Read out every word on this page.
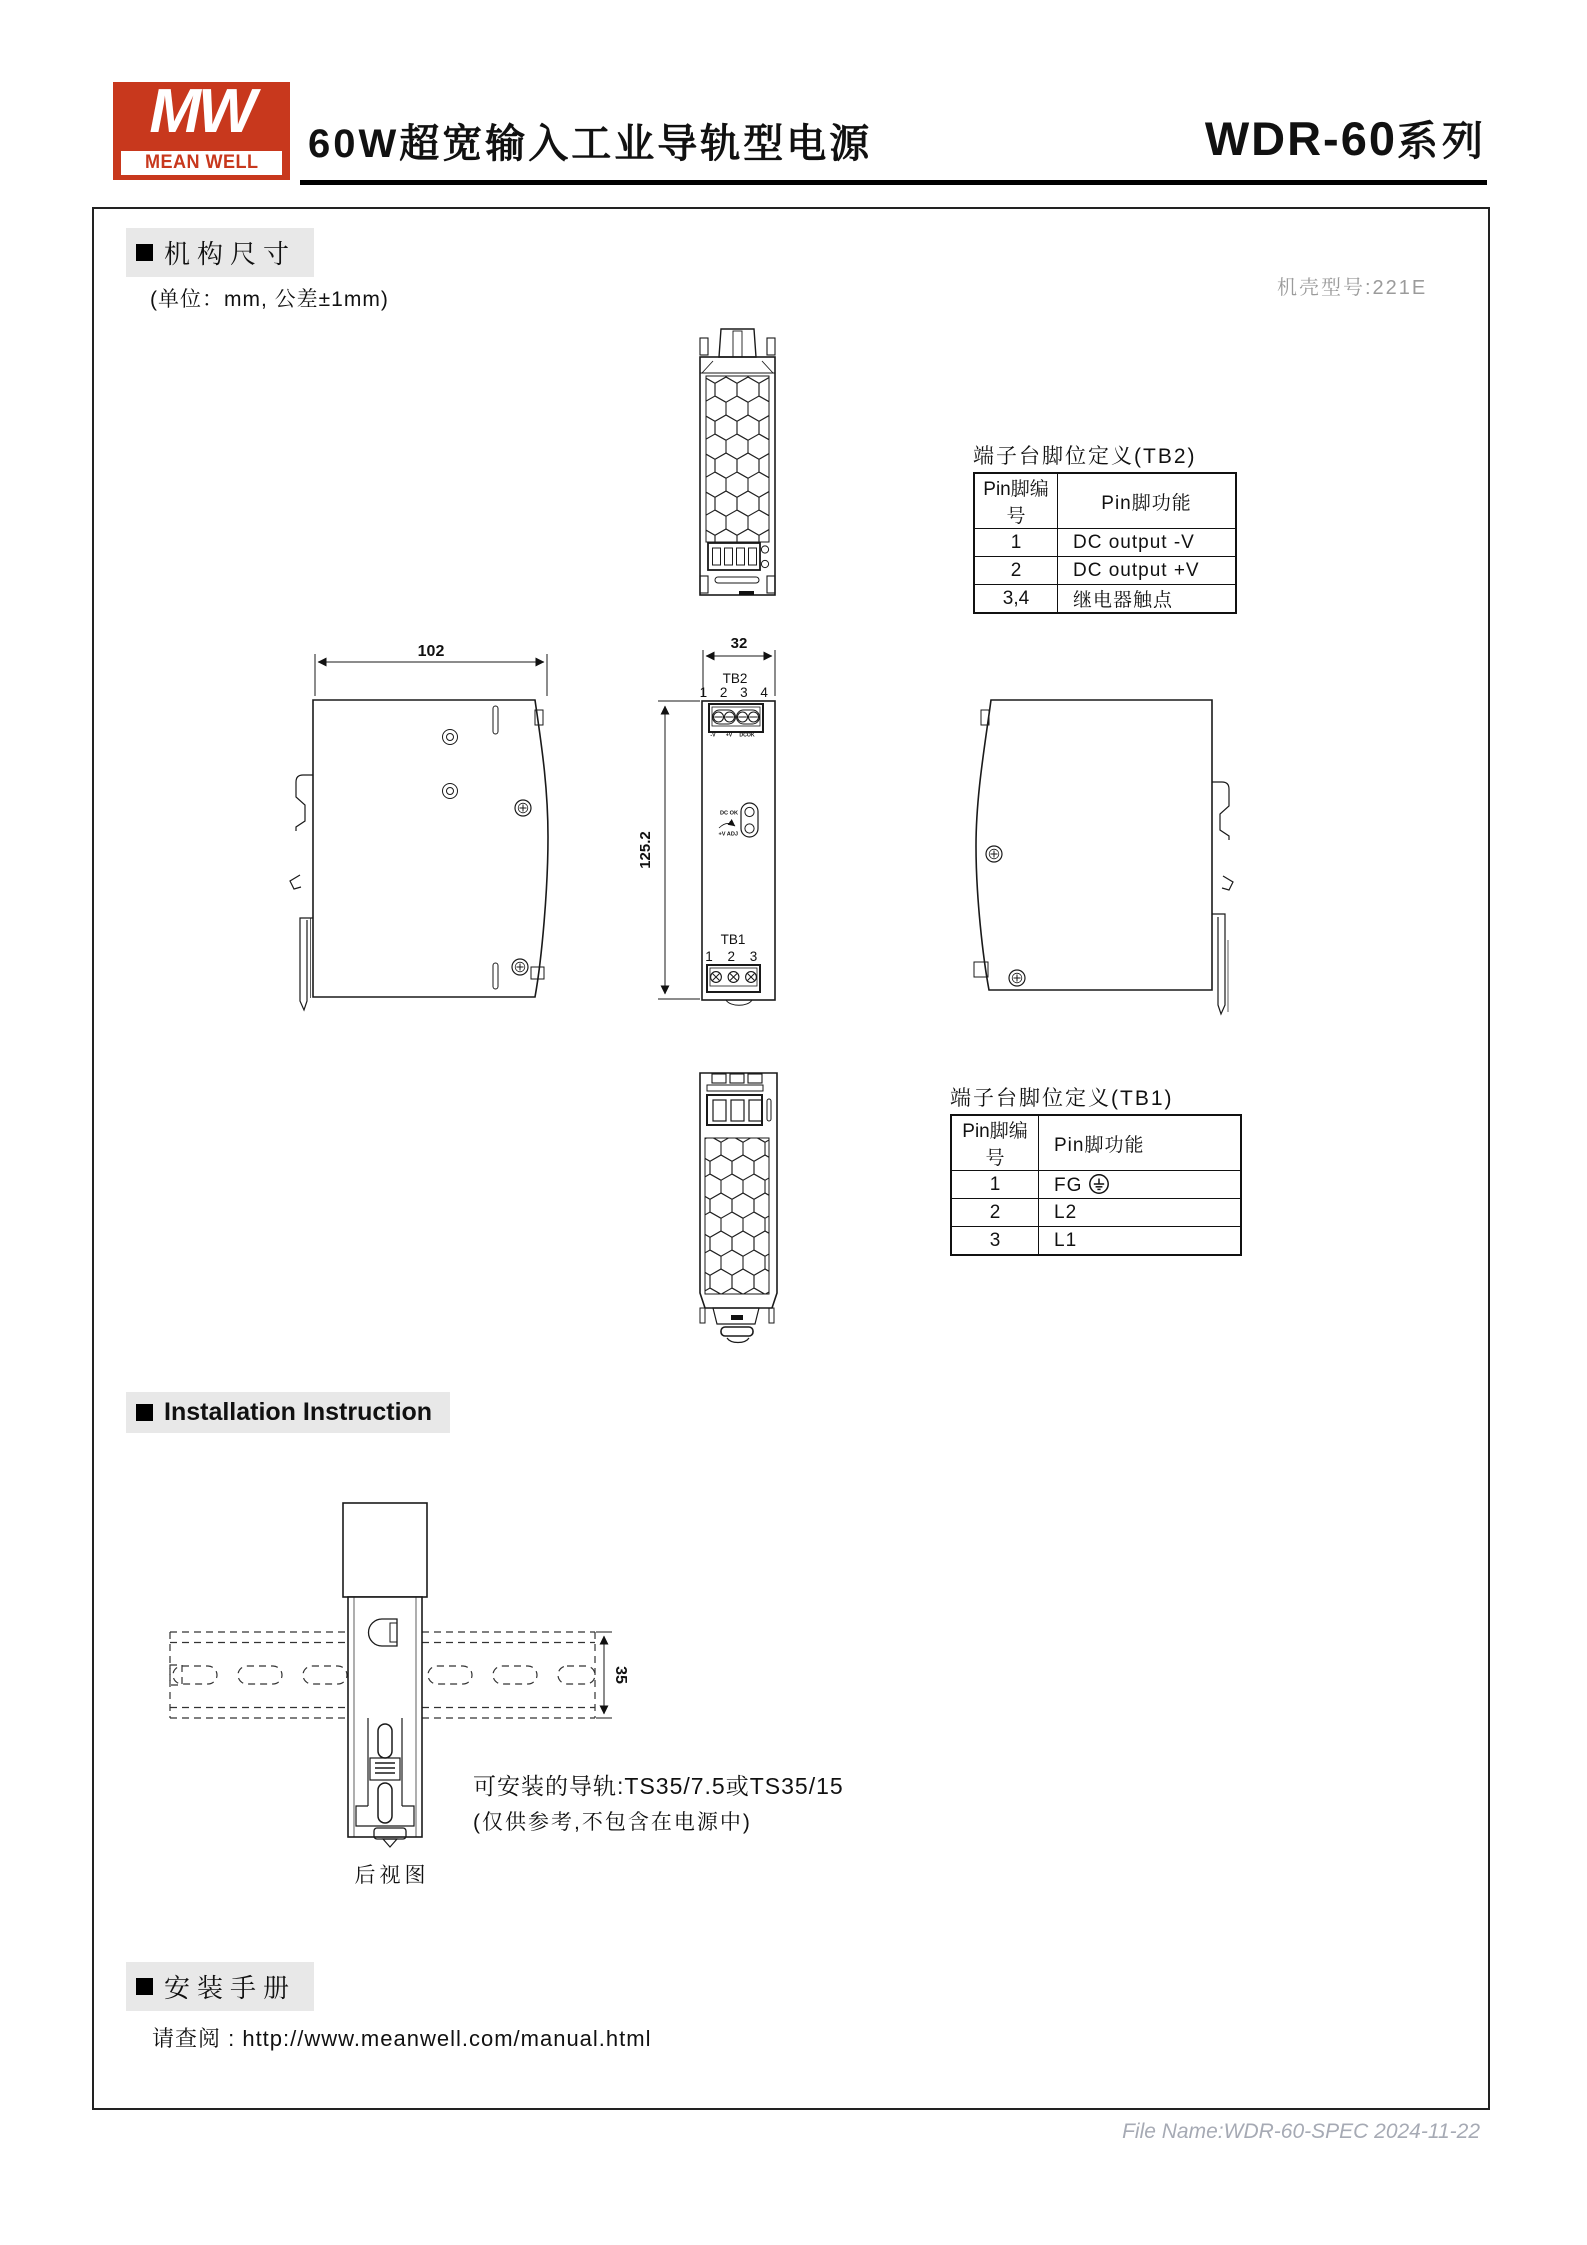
MW
MEAN WELL 60W超宽输入工业导轨型电源	WDR-60系列
机构尺寸
(单位：mm, 公差±1mm)	机壳型号:221E
端子台脚位定义(TB2)
Pin脚编号	Pin脚功能
1	DC output -V
2	DC output +V
3,4	继电器触点
102	32
TB2
1 2 3 4
-V +V DCOK
DC OK
+V ADJ
125.2
TB1
1 2 3
端子台脚位定义(TB1)
Pin脚编号	Pin脚功能
1	FG
2	L2
3	L1
Installation Instruction
35
后视图
可安装的导轨:TS35/7.5或TS35/15
(仅供参考,不包含在电源中)
安装手册
请查阅 : http://www.meanwell.com/manual.html
File Name:WDR-60-SPEC 2024-11-22
